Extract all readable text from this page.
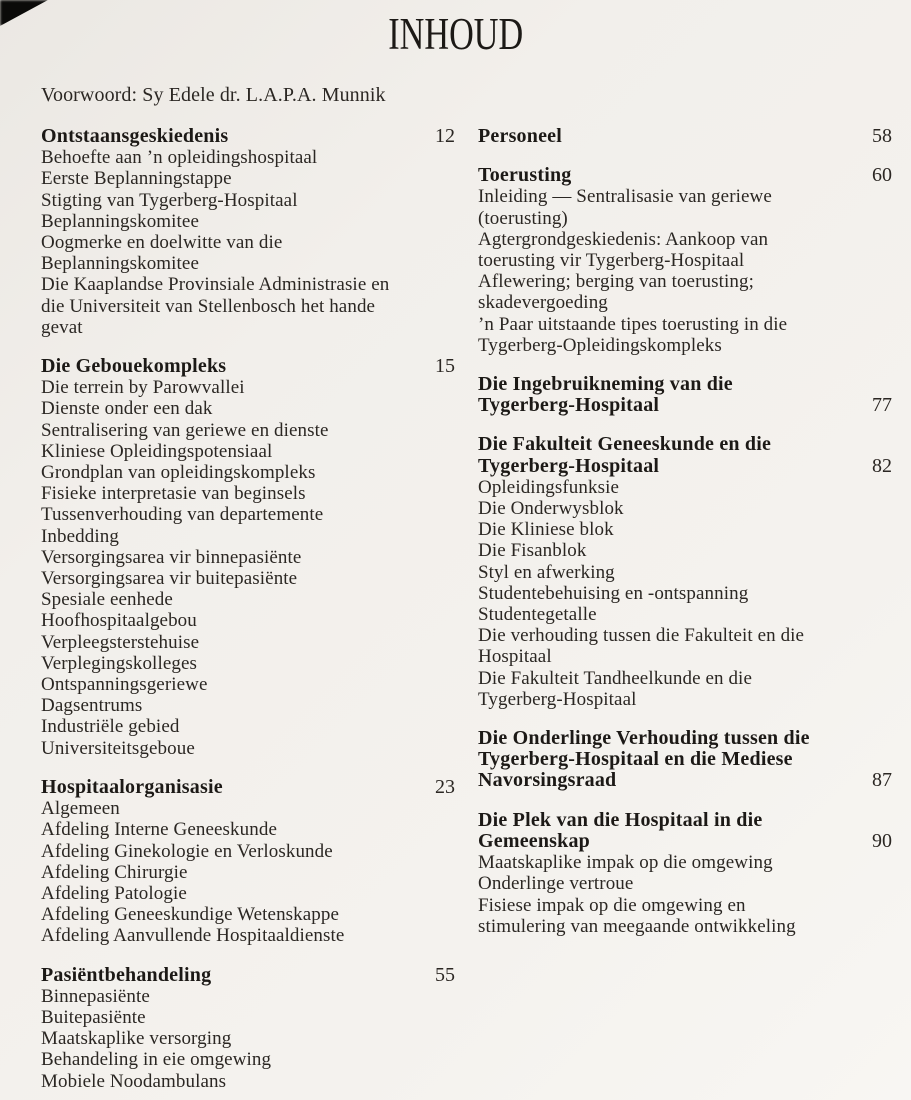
INHOUD
Voorwoord: Sy Edele dr. L.A.P.A. Munnik
Ontstaansgeskiedenis	12
Behoefte aan ’n opleidingshospitaal
Eerste Beplanningstappe
Stigting van Tygerberg-Hospitaal
Beplanningskomitee
Oogmerke en doelwitte van die
Beplanningskomitee
Die Kaaplandse Provinsiale Administrasie en
die Universiteit van Stellenbosch het hande
gevat
Die Gebouekompleks	15
Die terrein by Parowvallei
Dienste onder een dak
Sentralisering van geriewe en dienste
Kliniese Opleidingspotensiaal
Grondplan van opleidingskompleks
Fisieke interpretasie van beginsels
Tussenverhouding van departemente
Inbedding
Versorgingsarea vir binnepasiënte
Versorgingsarea vir buitepasiënte
Spesiale eenhede
Hoofhospitaalgebou
Verpleegsterstehuise
Verplegingskolleges
Ontspanningsgeriewe
Dagsentrums
Industriële gebied
Universiteitsgeboue
Hospitaalorganisasie	23
Algemeen
Afdeling Interne Geneeskunde
Afdeling Ginekologie en Verloskunde
Afdeling Chirurgie
Afdeling Patologie
Afdeling Geneeskundige Wetenskappe
Afdeling Aanvullende Hospitaaldienste
Pasiëntbehandeling	55
Binnepasiënte
Buitepasiënte
Maatskaplike versorging
Behandeling in eie omgewing
Mobiele Noodambulans
Personeel	58
Toerusting	60
Inleiding — Sentralisasie van geriewe
(toerusting)
Agtergrondgeskiedenis: Aankoop van
toerusting vir Tygerberg-Hospitaal
Aflewering; berging van toerusting;
skadevergoeding
’n Paar uitstaande tipes toerusting in die
Tygerberg-Opleidingskompleks
Die Ingebruikneming van die
Tygerberg-Hospitaal	77
Die Fakulteit Geneeskunde en die
Tygerberg-Hospitaal	82
Opleidingsfunksie
Die Onderwysblok
Die Kliniese blok
Die Fisanblok
Styl en afwerking
Studentebehuising en -ontspanning
Studentegetalle
Die verhouding tussen die Fakulteit en die
Hospitaal
Die Fakulteit Tandheelkunde en die
Tygerberg-Hospitaal
Die Onderlinge Verhouding tussen die
Tygerberg-Hospitaal en die Mediese
Navorsingsraad	87
Die Plek van die Hospitaal in die
Gemeenskap	90
Maatskaplike impak op die omgewing
Onderlinge vertroue
Fisiese impak op die omgewing en
stimulering van meegaande ontwikkeling
